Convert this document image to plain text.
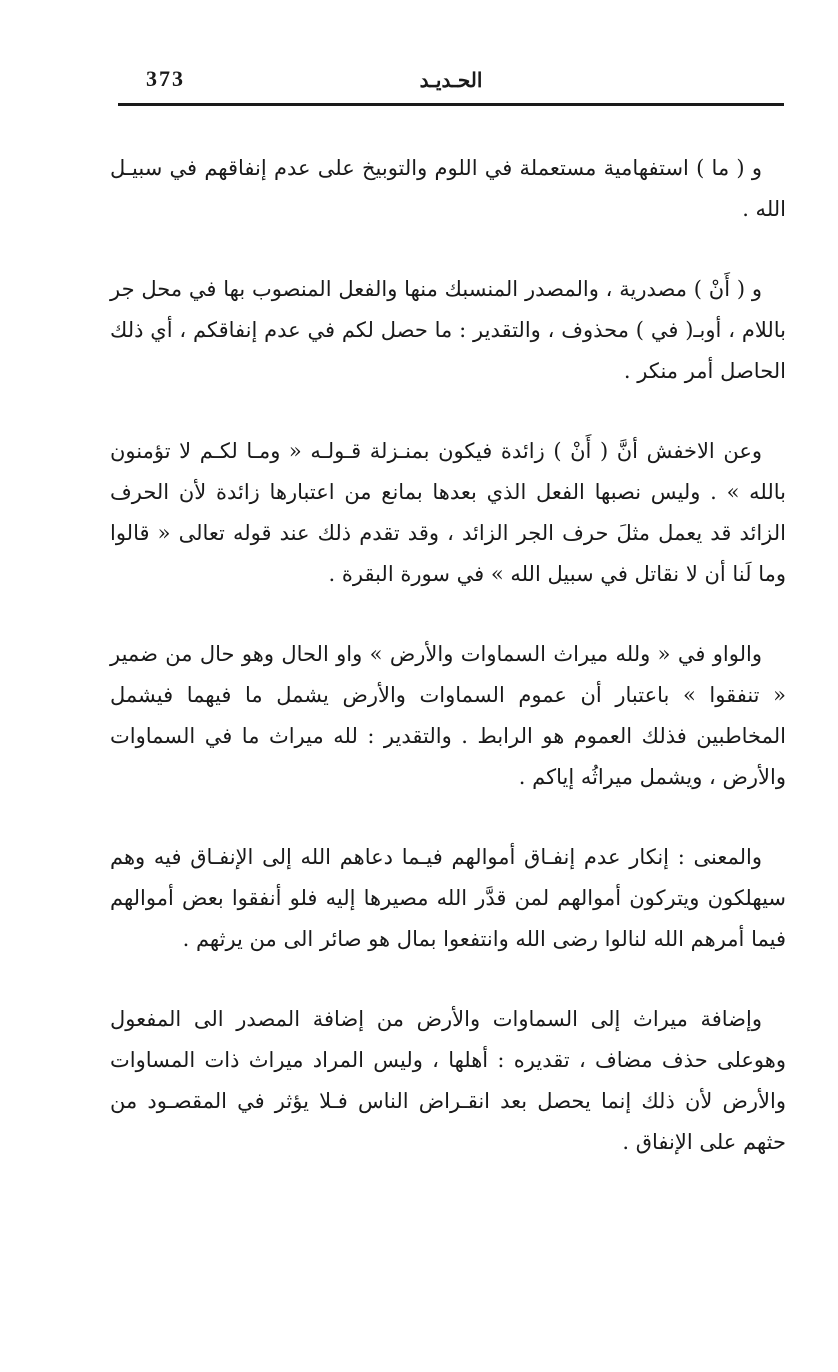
373	الحـديـد

و ( ما ) استفهامية مستعملة في اللوم والتوبيخ على عدم إنفاقهم في سبيـل الله .

و ( أَنْ ) مصدرية ، والمصدر المنسبك منها والفعل المنصوب بها في محل جر باللام ، أوبـ( في ) محذوف ، والتقدير : ما حصل لكم في عدم إنفاقكم ، أي ذلك الحاصل أمر منكر .

وعن الاخفش أنَّ ( أَنْ ) زائدة فيكون بمنـزلة قـولـه « ومـا لكـم لا تؤمنون بالله » . وليس نصبها الفعل الذي بعدها بمانع من اعتبارها زائدة لأن الحرف الزائد قد يعمل مثلَ حرف الجر الزائد ، وقد تقدم ذلك عند قوله تعالى « قالوا وما لَنا أن لا نقاتل في سبيل الله » في سورة البقرة .

والواو في « ولله ميراث السماوات والأرض » واو الحال وهو حال من ضمير « تنفقوا » باعتبار أن عموم السماوات والأرض يشمل ما فيهما فيشمل المخاطبين فذلك العموم هو الرابط . والتقدير : لله ميراث ما في السماوات والأرض ، ويشمل ميراثُه إياكم .

والمعنى : إنكار عدم إنفـاق أموالهم فيـما دعاهم الله إلى الإنفـاق فيه وهم سيهلكون ويتركون أموالهم لمن قدَّر الله مصيرها إليه فلو أنفقوا بعض أموالهم فيما أمرهم الله لنالوا رضى الله وانتفعوا بمال هو صائر الى من يرثهم .

وإضافة ميراث إلى السماوات والأرض من إضافة المصدر الى المفعول وهوعلى حذف مضاف ، تقديره : أهلها ، وليس المراد ميراث ذات المساوات والأرض لأن ذلك إنما يحصل بعد انقـراض الناس فـلا يؤثر في المقصـود من حثهم على الإنفاق .
